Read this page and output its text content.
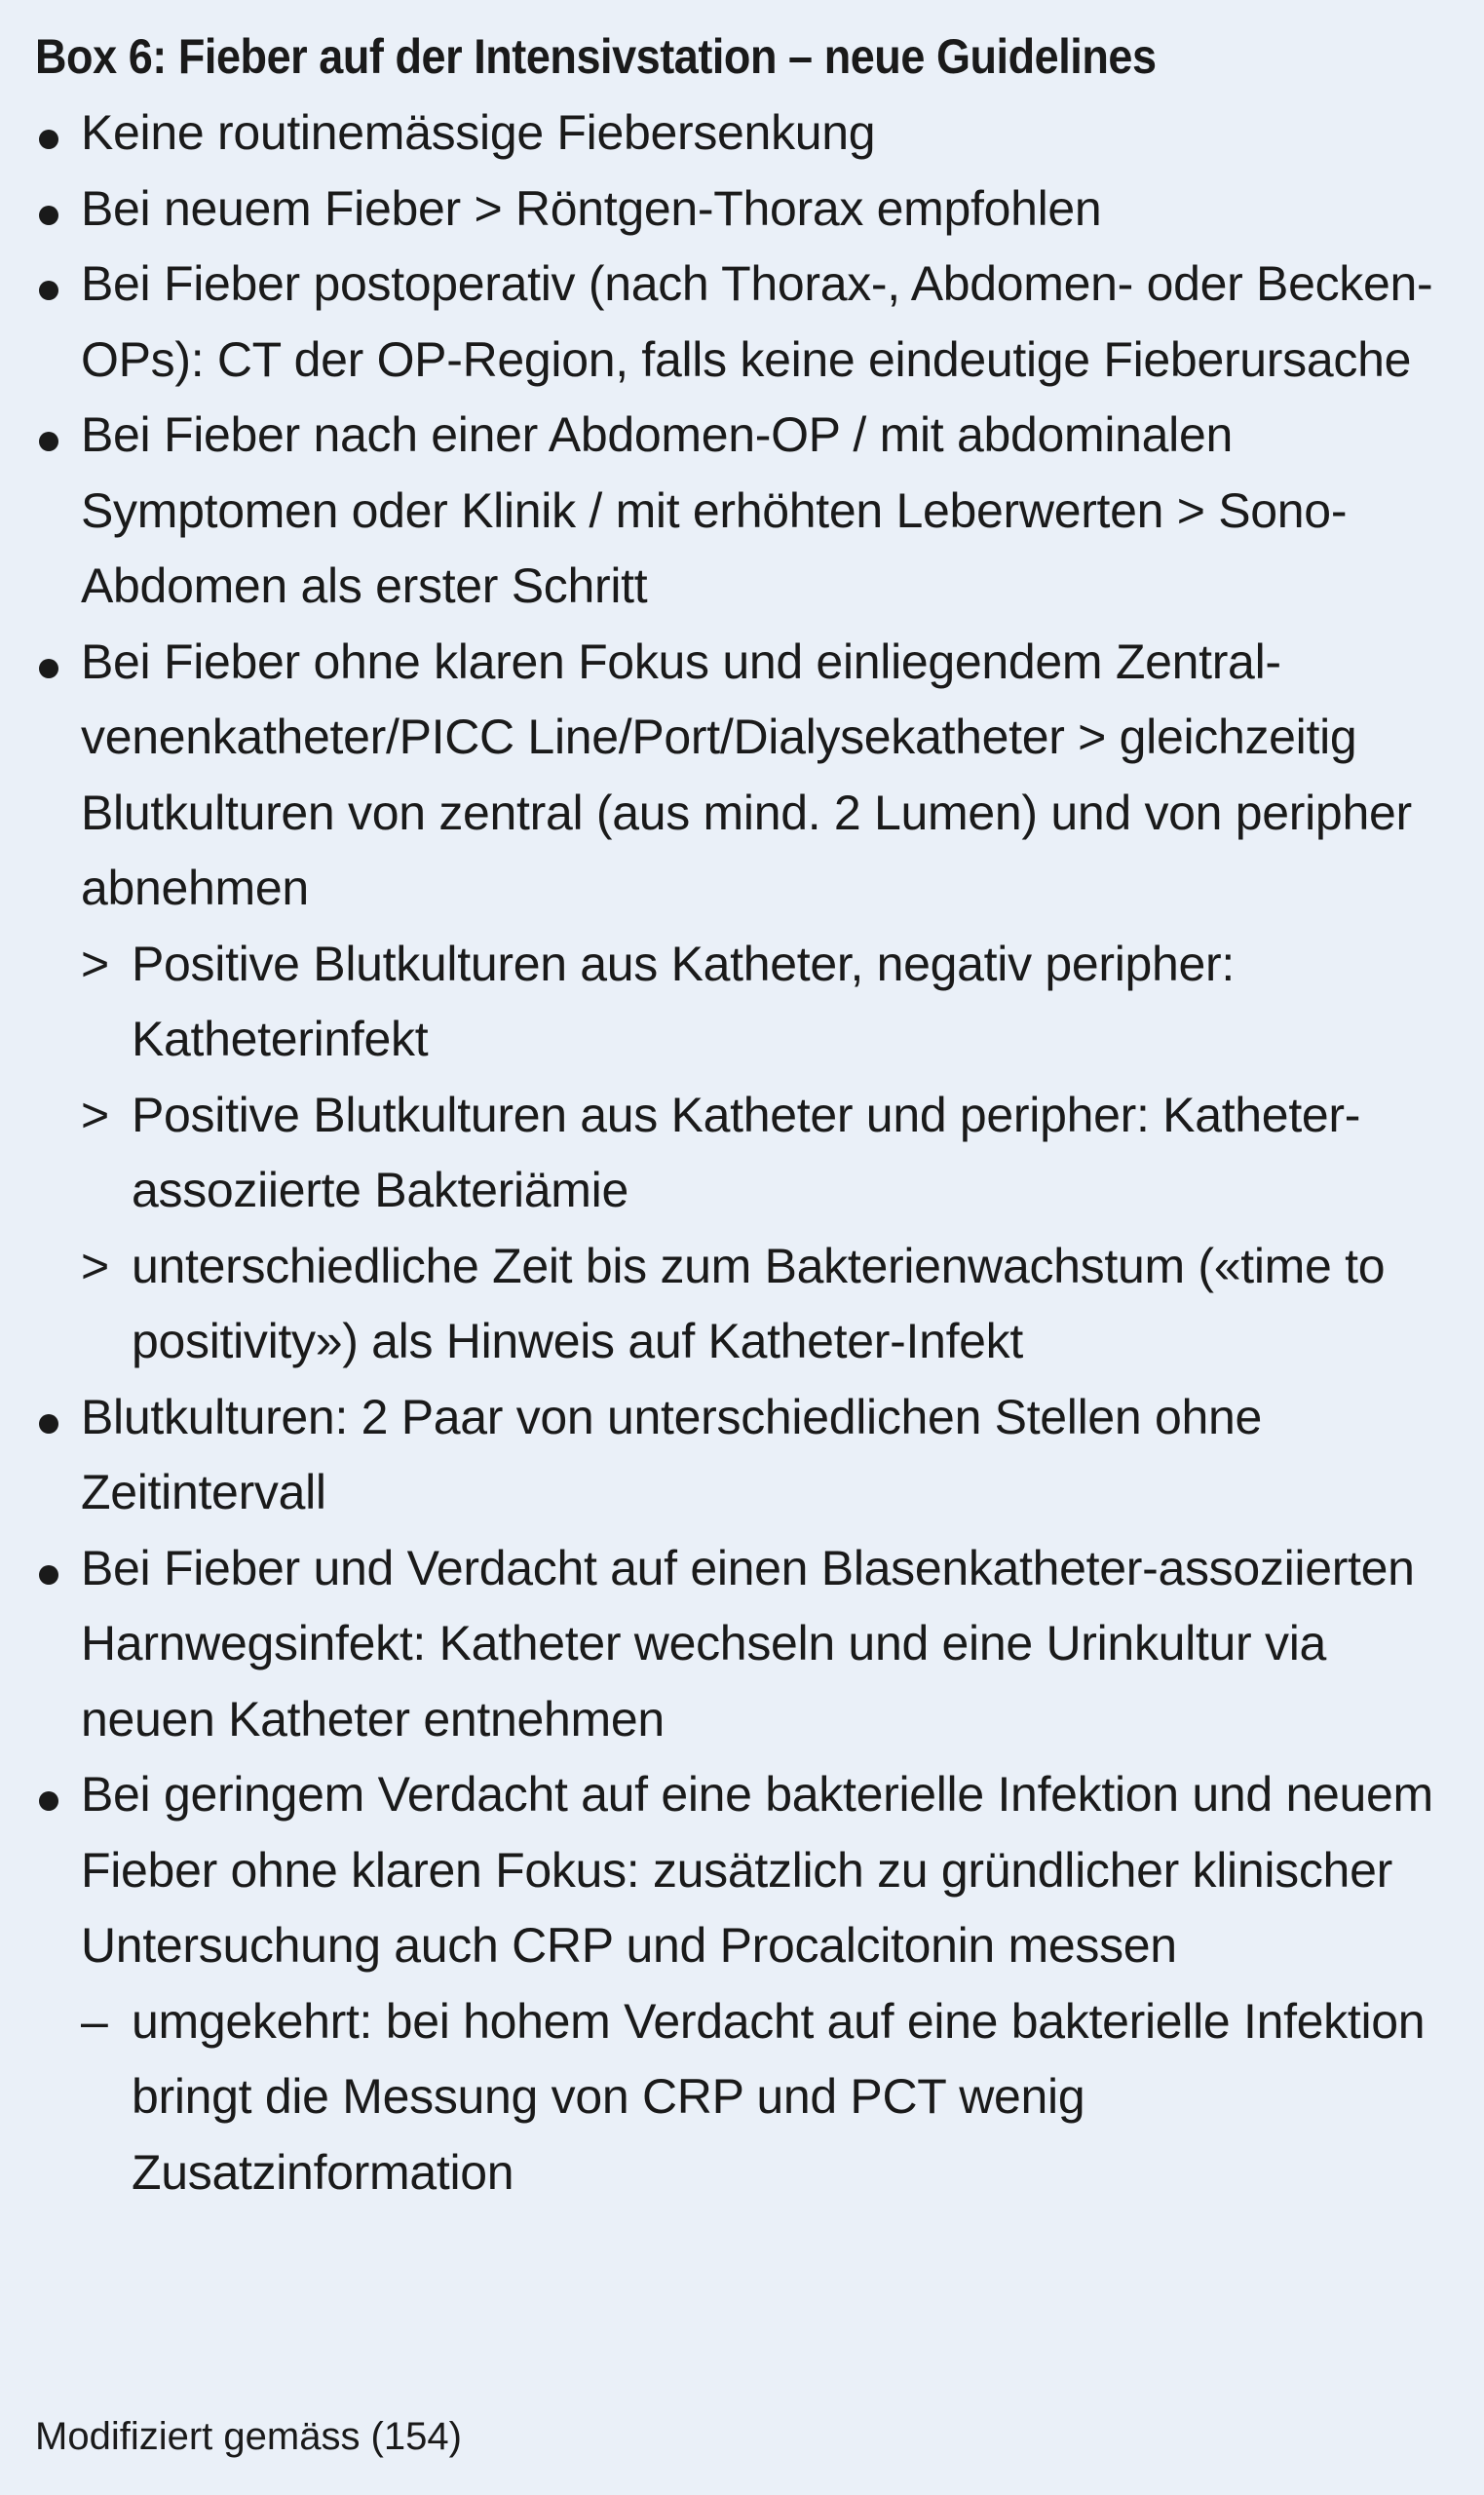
Box 6: Fieber auf der Intensivstation – neue Guidelines
Keine routinemässige Fiebersenkung
Bei neuem Fieber > Röntgen-Thorax empfohlen
Bei Fieber postoperativ (nach Thorax-, Abdomen- oder Becken-OPs): CT der OP-Region, falls keine eindeutige Fieberursache
Bei Fieber nach einer Abdomen-OP / mit abdominalen Symptomen oder Klinik / mit erhöhten Leberwerten > Sono-Abdomen als erster Schritt
Bei Fieber ohne klaren Fokus und einliegendem Zentralvenenkatheter/PICC Line/Port/Dialysekatheter > gleichzeitig Blutkulturen von zentral (aus mind. 2 Lumen) und von peripher abnehmen
> Positive Blutkulturen aus Katheter, negativ peripher: Katheterinfekt
> Positive Blutkulturen aus Katheter und peripher: Katheter-assoziierte Bakteriämie
> unterschiedliche Zeit bis zum Bakterienwachstum («time to positivity») als Hinweis auf Katheter-Infekt
Blutkulturen: 2 Paar von unterschiedlichen Stellen ohne Zeitintervall
Bei Fieber und Verdacht auf einen Blasenkatheter-assoziierten Harnwegsinfekt: Katheter wechseln und eine Urinkultur via neuen Katheter entnehmen
Bei geringem Verdacht auf eine bakterielle Infektion und neuem Fieber ohne klaren Fokus: zusätzlich zu gründlicher klinischer Untersuchung auch CRP und Procalcitonin messen
– umgekehrt: bei hohem Verdacht auf eine bakterielle Infektion bringt die Messung von CRP und PCT wenig Zusatzinformation
Modifiziert gemäss (154)
